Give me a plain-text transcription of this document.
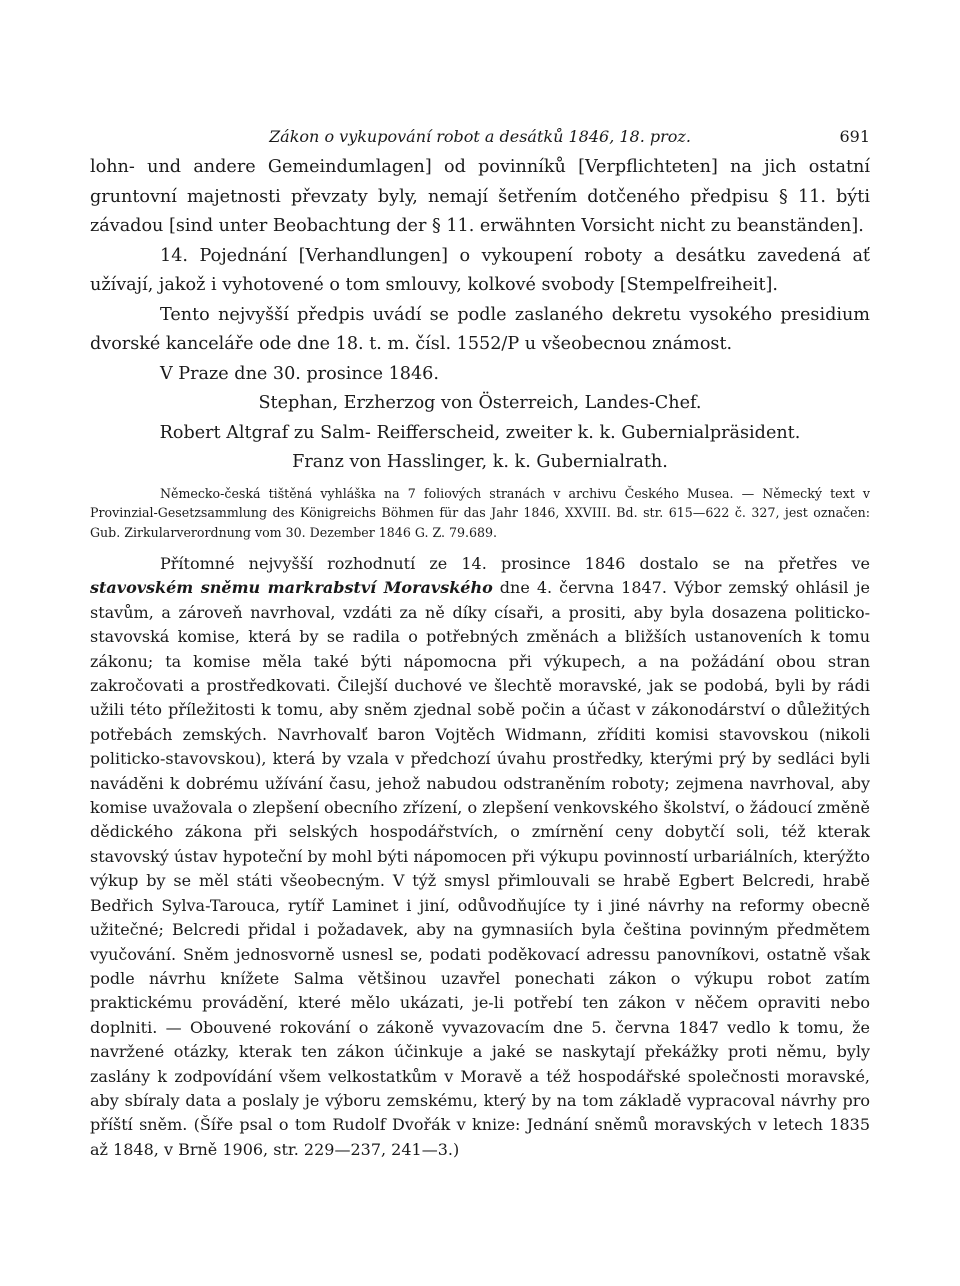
Zákon o vykupování robot a desátků 1846, 18. proz.	691

lohn- und andere Gemeindumlagen] od povinníků [Verpflichteten] na jich ostatní gruntovní majetnosti převzaty byly, nemají šetřením dotčeného předpisu § 11. býti závadou [sind unter Beobachtung der § 11. erwähnten Vorsicht nicht zu beanständen].

14. Pojednání [Verhandlungen] o vykoupení roboty a desátku zavedená ať užívají, jakož i vyhotovené o tom smlouvy, kolkové svobody [Stempelfreiheit].

Tento nejvyšší předpis uvádí se podle zaslaného dekretu vysokého presidium dvorské kanceláře ode dne 18. t. m. čísl. 1552/P u všeobecnou známost.

V Praze dne 30. prosince 1846.

Stephan, Erzherzog von Österreich, Landes-Chef.

Robert Altgraf zu Salm- Reifferscheid, zweiter k. k. Gubernialpräsident.

Franz von Hasslinger, k. k. Gubernialrath.

Německo-česká tištěná vyhláška na 7 foliových stranách v archivu Českého Musea. — Německý text v Provinzial-Gesetzsammlung des Königreichs Böhmen für das Jahr 1846, XXVIII. Bd. str. 615—622 č. 327, jest označen: Gub. Zirkularverordnung vom 30. Dezember 1846 G. Z. 79.689.

Přítomné nejvyšší rozhodnutí ze 14. prosince 1846 dostalo se na přetřes ve stavovském sněmu markrabství Moravského dne 4. června 1847. Výbor zemský ohlásil je stavům, a zároveň navrhoval, vzdáti za ně díky císaři, a prositi, aby byla dosazena politicko-stavovská komise, která by se radila o potřebných změnách a bližších ustanoveních k tomu zákonu; ta komise měla také býti nápomocna při výkupech, a na požádání obou stran zakročovati a prostředkovati. Čilejší duchové ve šlechtě moravské, jak se podobá, byli by rádi užili této příležitosti k tomu, aby sněm zjednal sobě počin a účast v zákonodárství o důležitých potřebách zemských. Navrhovalť baron Vojtěch Widmann, zříditi komisi stavovskou (nikoli politicko-stavovskou), která by vzala v předchozí úvahu prostředky, kterými prý by sedláci byli naváděni k dobrému užívání času, jehož nabudou odstraněním roboty; zejmena navrhoval, aby komise uvažovala o zlepšení obecního zřízení, o zlepšení venkovského školství, o žádoucí změně dědického zákona při selských hospodářstvích, o zmírnění ceny dobytčí soli, též kterak stavovský ústav hypoteční by mohl býti nápomocen při výkupu povinností urbariálních, kterýžto výkup by se měl státi všeobecným. V týž smysl přimlouvali se hrabě Egbert Belcredi, hrabě Bedřich Sylva-Tarouca, rytíř Laminet i jiní, odůvodňujíce ty i jiné návrhy na reformy obecně užitečné; Belcredi přidal i požadavek, aby na gymnasiích byla čeština povinným předmětem vyučování. Sněm jednosvorně usnesl se, podati poděkovací adressu panovníkovi, ostatně však podle návrhu knížete Salma většinou uzavřel ponechati zákon o výkupu robot zatím praktickému provádění, které mělo ukázati, je-li potřebí ten zákon v něčem opraviti nebo doplniti. — Obouvené rokování o zákoně vyvazovacím dne 5. června 1847 vedlo k tomu, že navržené otázky, kterak ten zákon účinkuje a jaké se naskytají překážky proti němu, byly zaslány k zodpovídání všem velkostatkům v Moravě a též hospodářské společnosti moravské, aby sbíraly data a poslaly je výboru zemskému, který by na tom základě vypracoval návrhy pro příští sněm. (Šíře psal o tom Rudolf Dvořák v knize: Jednání sněmů moravských v letech 1835 až 1848, v Brně 1906, str. 229—237, 241—3.)
